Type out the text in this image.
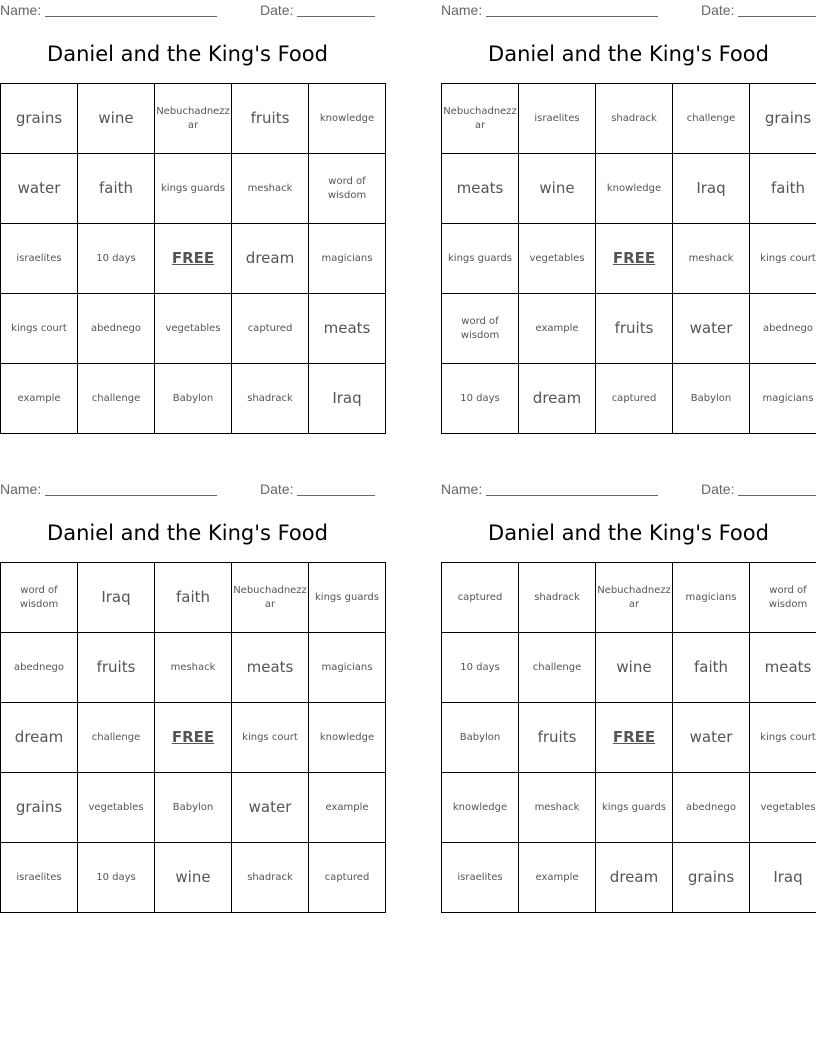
Name:	Date:
Daniel and the King's Food
grains	wine	Nebuchadnezzar	fruits	knowledge
water	faith	kings guards	meshack	word of wisdom
israelites	10 days	FREE	dream	magicians
kings court	abednego	vegetables	captured	meats
example	challenge	Babylon	shadrack	Iraq
Name:	Date:
Daniel and the King's Food
Nebuchadnezzar	israelites	shadrack	challenge	grains
meats	wine	knowledge	Iraq	faith
kings guards	vegetables	FREE	meshack	kings court
word of wisdom	example	fruits	water	abednego
10 days	dream	captured	Babylon	magicians
Name:	Date:
Daniel and the King's Food
word of wisdom	Iraq	faith	Nebuchadnezzar	kings guards
abednego	fruits	meshack	meats	magicians
dream	challenge	FREE	kings court	knowledge
grains	vegetables	Babylon	water	example
israelites	10 days	wine	shadrack	captured
Name:	Date:
Daniel and the King's Food
captured	shadrack	Nebuchadnezzar	magicians	word of wisdom
10 days	challenge	wine	faith	meats
Babylon	fruits	FREE	water	kings court
knowledge	meshack	kings guards	abednego	vegetables
israelites	example	dream	grains	Iraq
